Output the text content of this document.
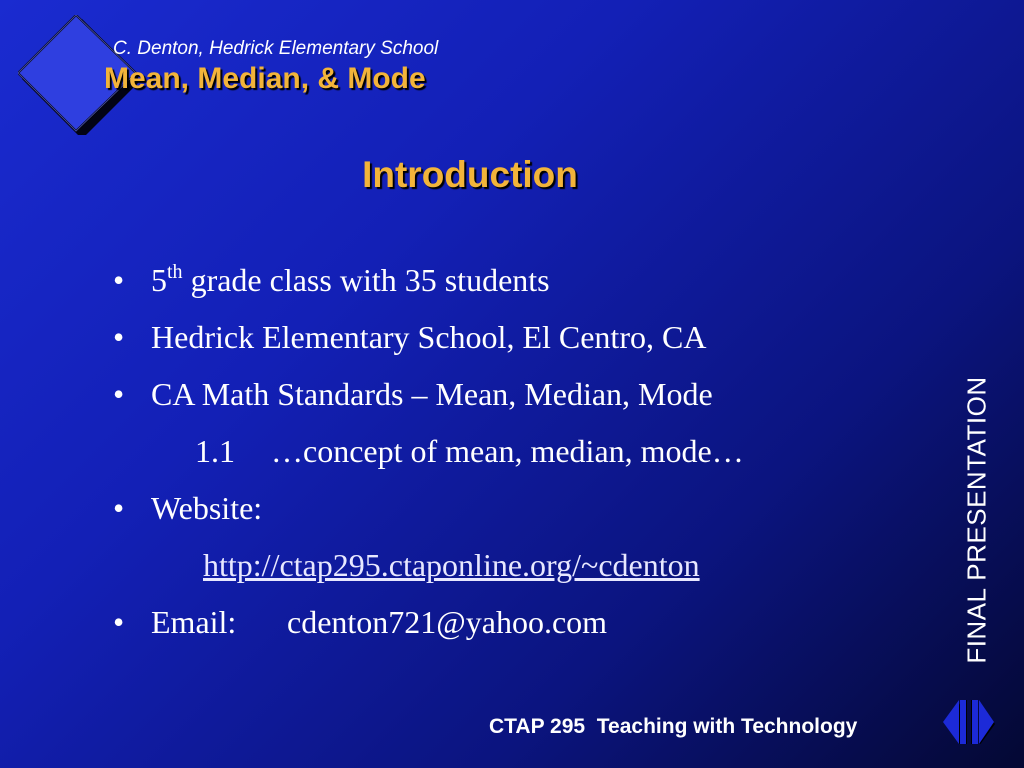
C. Denton, Hedrick Elementary School
Mean, Median, & Mode
Introduction
• 5th grade class with 35 students
• Hedrick Elementary School, El Centro, CA
• CA Math Standards – Mean, Median, Mode
1.1 …concept of mean, median, mode…
• Website:
http://ctap295.ctaponline.org/~cdenton
• Email: cdenton721@yahoo.com	FINAL PRESENTATION
CTAP 295  Teaching with Technology
